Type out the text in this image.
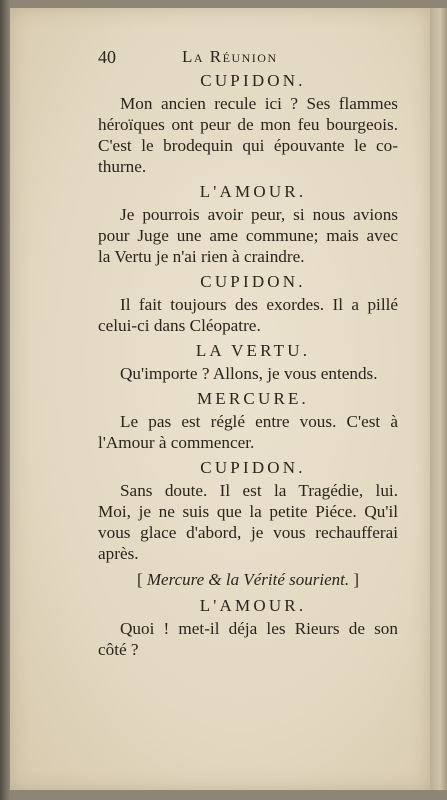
40	La Réunion

CUPIDON.

Mon ancien recule ici ? Ses flammes
héroïques ont peur de mon feu bourgeois.
C'est le brodequin qui épouvante le co-
thurne.

L'AMOUR.

Je pourrois avoir peur, si nous avions
pour Juge une ame commune; mais avec
la Vertu je n'ai rien à craindre.

CUPIDON.

Il fait toujours des exordes. Il a pillé
celui-ci dans Cléopatre.

LA VERTU.

Qu'importe ? Allons, je vous entends.

MERCURE.

Le pas est réglé entre vous. C'est à
l'Amour à commencer.

CUPIDON.

Sans doute. Il est la Tragédie, lui.
Moi, je ne suis que la petite Piéce. Qu'il
vous glace d'abord, je vous rechaufferai
après.

[ Mercure & la Vérité sourient. ]

L'AMOUR.

Quoi ! met-il déja les Rieurs de son
côté ?
